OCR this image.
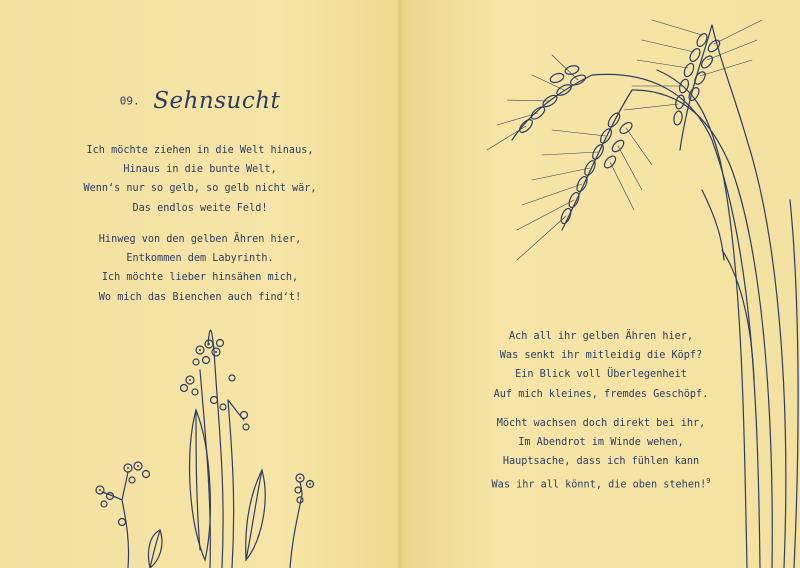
09. Sehnsucht
Ich möchte ziehen in die Welt hinaus,
Hinaus in die bunte Welt,
Wenn‘s nur so gelb, so gelb nicht wär,
Das endlos weite Feld!
Hinweg von den gelben Ähren hier,
Entkommen dem Labyrinth.
Ich möchte lieber hinsähen mich,
Wo mich das Bienchen auch find‘t!
Ach all ihr gelben Ähren hier,
Was senkt ihr mitleidig die Köpf?
Ein Blick voll Überlegenheit
Auf mich kleines, fremdes Geschöpf.
Möcht wachsen doch direkt bei ihr,
Im Abendrot im Winde wehen,
Hauptsache, dass ich fühlen kann
Was ihr all könnt, die oben stehen!$^9$
